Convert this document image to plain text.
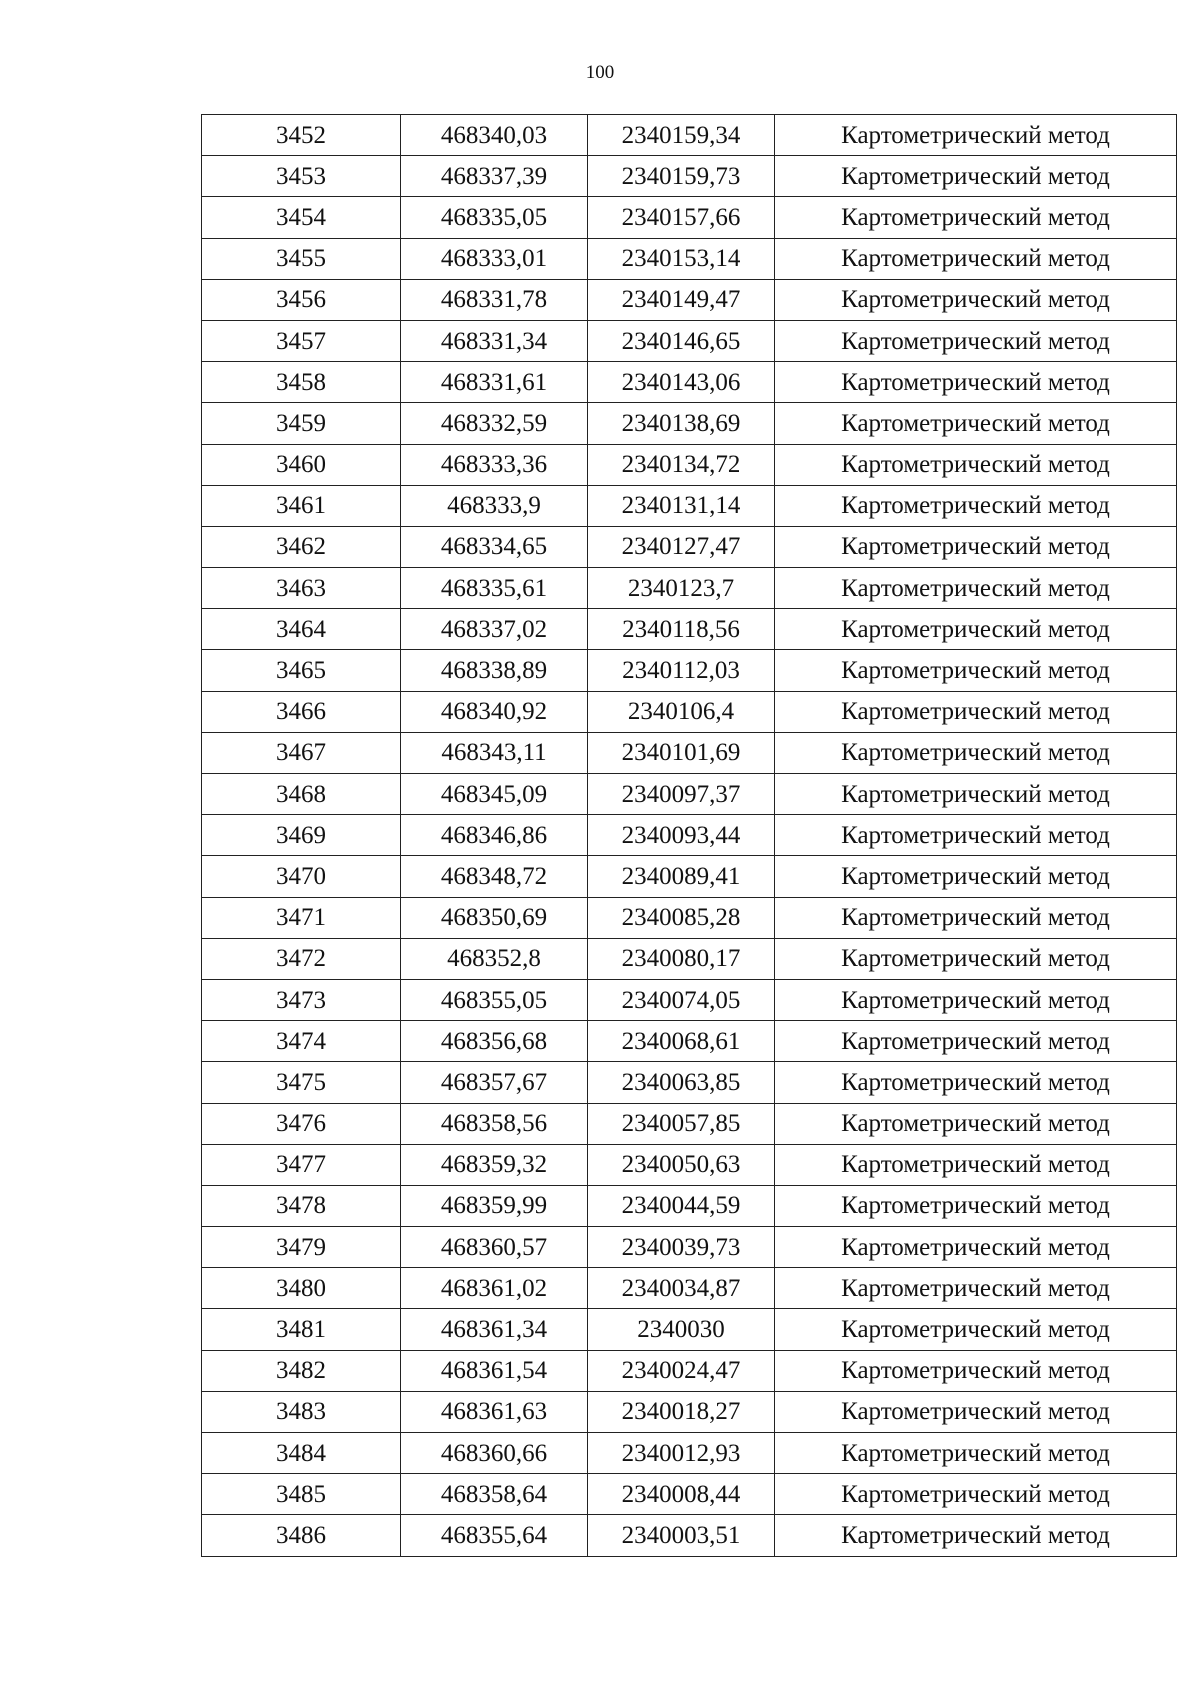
100
3452	468340,03	2340159,34	Картометрический метод
3453	468337,39	2340159,73	Картометрический метод
3454	468335,05	2340157,66	Картометрический метод
3455	468333,01	2340153,14	Картометрический метод
3456	468331,78	2340149,47	Картометрический метод
3457	468331,34	2340146,65	Картометрический метод
3458	468331,61	2340143,06	Картометрический метод
3459	468332,59	2340138,69	Картометрический метод
3460	468333,36	2340134,72	Картометрический метод
3461	468333,9	2340131,14	Картометрический метод
3462	468334,65	2340127,47	Картометрический метод
3463	468335,61	2340123,7	Картометрический метод
3464	468337,02	2340118,56	Картометрический метод
3465	468338,89	2340112,03	Картометрический метод
3466	468340,92	2340106,4	Картометрический метод
3467	468343,11	2340101,69	Картометрический метод
3468	468345,09	2340097,37	Картометрический метод
3469	468346,86	2340093,44	Картометрический метод
3470	468348,72	2340089,41	Картометрический метод
3471	468350,69	2340085,28	Картометрический метод
3472	468352,8	2340080,17	Картометрический метод
3473	468355,05	2340074,05	Картометрический метод
3474	468356,68	2340068,61	Картометрический метод
3475	468357,67	2340063,85	Картометрический метод
3476	468358,56	2340057,85	Картометрический метод
3477	468359,32	2340050,63	Картометрический метод
3478	468359,99	2340044,59	Картометрический метод
3479	468360,57	2340039,73	Картометрический метод
3480	468361,02	2340034,87	Картометрический метод
3481	468361,34	2340030	Картометрический метод
3482	468361,54	2340024,47	Картометрический метод
3483	468361,63	2340018,27	Картометрический метод
3484	468360,66	2340012,93	Картометрический метод
3485	468358,64	2340008,44	Картометрический метод
3486	468355,64	2340003,51	Картометрический метод
